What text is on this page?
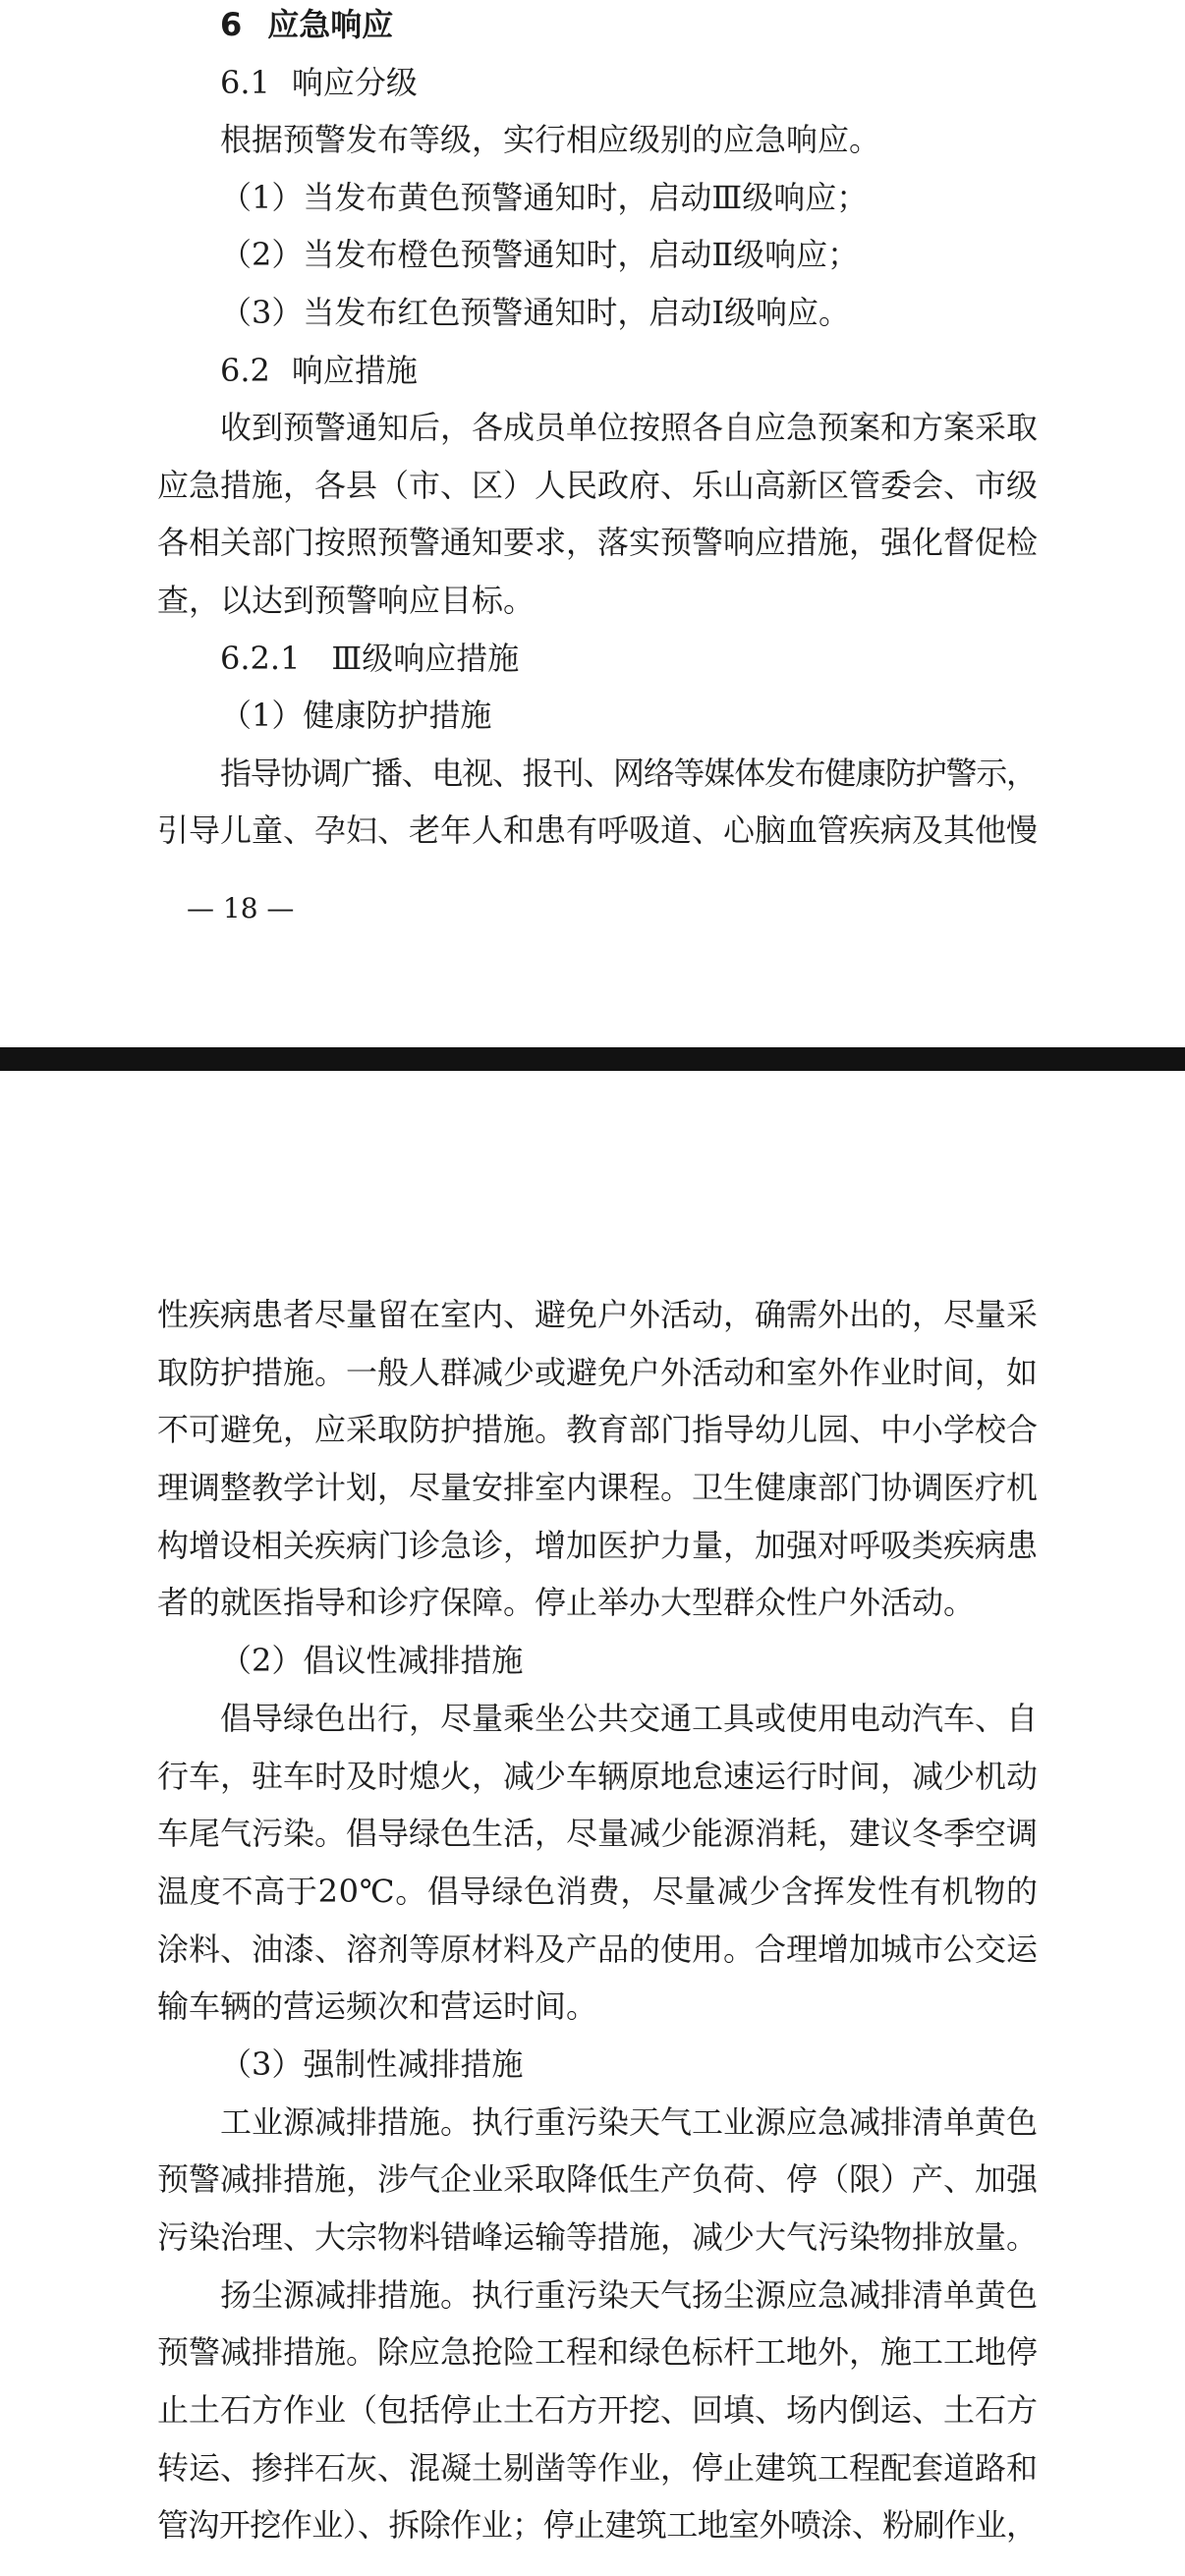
6 应急响应
6.1 响应分级
根据预警发布等级，实行相应级别的应急响应。
（1）当发布黄色预警通知时，启动Ⅲ级响应；
（2）当发布橙色预警通知时，启动Ⅱ级响应；
（3）当发布红色预警通知时，启动Ⅰ级响应。
6.2 响应措施
收到预警通知后，各成员单位按照各自应急预案和方案采取
应急措施，各县（市、区）人民政府、乐山高新区管委会、市级
各相关部门按照预警通知要求，落实预警响应措施，强化督促检
查，以达到预警响应目标。
6.2.1 Ⅲ级响应措施
（1）健康防护措施
指导协调广播、电视、报刊、网络等媒体发布健康防护警示，
引导儿童、孕妇、老年人和患有呼吸道、心脑血管疾病及其他慢
— 18 —
性疾病患者尽量留在室内、避免户外活动，确需外出的，尽量采
取防护措施。一般人群减少或避免户外活动和室外作业时间，如
不可避免，应采取防护措施。教育部门指导幼儿园、中小学校合
理调整教学计划，尽量安排室内课程。卫生健康部门协调医疗机
构增设相关疾病门诊急诊，增加医护力量，加强对呼吸类疾病患
者的就医指导和诊疗保障。停止举办大型群众性户外活动。
（2）倡议性减排措施
倡导绿色出行，尽量乘坐公共交通工具或使用电动汽车、自
行车，驻车时及时熄火，减少车辆原地怠速运行时间，减少机动
车尾气污染。倡导绿色生活，尽量减少能源消耗，建议冬季空调
温度不高于20℃。倡导绿色消费，尽量减少含挥发性有机物的
涂料、油漆、溶剂等原材料及产品的使用。合理增加城市公交运
输车辆的营运频次和营运时间。
（3）强制性减排措施
工业源减排措施。执行重污染天气工业源应急减排清单黄色
预警减排措施，涉气企业采取降低生产负荷、停（限）产、加强
污染治理、大宗物料错峰运输等措施，减少大气污染物排放量。
扬尘源减排措施。执行重污染天气扬尘源应急减排清单黄色
预警减排措施。除应急抢险工程和绿色标杆工地外，施工工地停
止土石方作业（包括停止土石方开挖、回填、场内倒运、土石方
转运、掺拌石灰、混凝土剔凿等作业，停止建筑工程配套道路和
管沟开挖作业）、拆除作业；停止建筑工地室外喷涂、粉刷作业，
